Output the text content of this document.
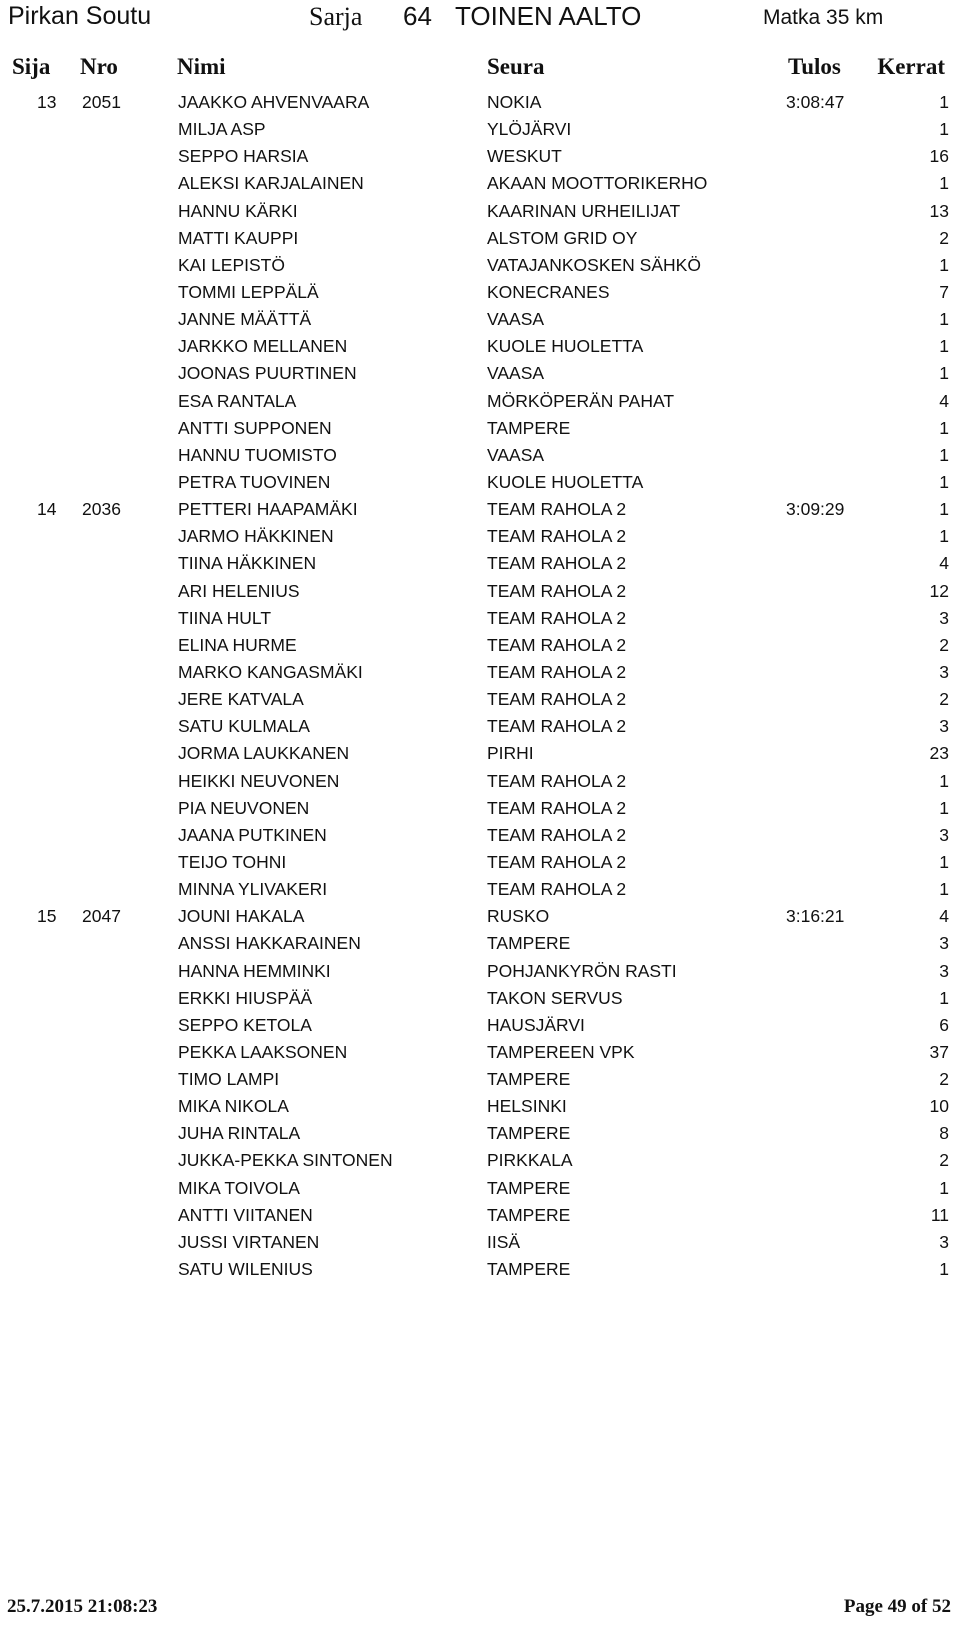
Pirkan Soutu	Sarja 64 TOINEN AALTO	Matka 35 km
Sija Nro	Nimi	Seura	Tulos Kerrat
13 2051	JAAKKO AHVENVAARA	NOKIA	3:08:47	1
MILJA ASP	YLÖJÄRVI	1
SEPPO HARSIA	WESKUT	16
ALEKSI KARJALAINEN	AKAAN MOOTTORIKERHO	1
HANNU KÄRKI	KAARINAN URHEILIJAT	13
MATTI KAUPPI	ALSTOM GRID OY	2
KAI LEPISTÖ	VATAJANKOSKEN SÄHKÖ	1
TOMMI LEPPÄLÄ	KONECRANES	7
JANNE MÄÄTTÄ	VAASA	1
JARKKO MELLANEN	KUOLE HUOLETTA	1
JOONAS PUURTINEN	VAASA	1
ESA RANTALA	MÖRKÖPERÄN PAHAT	4
ANTTI SUPPONEN	TAMPERE	1
HANNU TUOMISTO	VAASA	1
PETRA TUOVINEN	KUOLE HUOLETTA	1
14 2036	PETTERI HAAPAMÄKI	TEAM RAHOLA 2	3:09:29	1
JARMO HÄKKINEN	TEAM RAHOLA 2	1
TIINA HÄKKINEN	TEAM RAHOLA 2	4
ARI HELENIUS	TEAM RAHOLA 2	12
TIINA HULT	TEAM RAHOLA 2	3
ELINA HURME	TEAM RAHOLA 2	2
MARKO KANGASMÄKI	TEAM RAHOLA 2	3
JERE KATVALA	TEAM RAHOLA 2	2
SATU KULMALA	TEAM RAHOLA 2	3
JORMA LAUKKANEN	PIRHI	23
HEIKKI NEUVONEN	TEAM RAHOLA 2	1
PIA NEUVONEN	TEAM RAHOLA 2	1
JAANA PUTKINEN	TEAM RAHOLA 2	3
TEIJO TOHNI	TEAM RAHOLA 2	1
MINNA YLIVAKERI	TEAM RAHOLA 2	1
15 2047	JOUNI HAKALA	RUSKO	3:16:21	4
ANSSI HAKKARAINEN	TAMPERE	3
HANNA HEMMINKI	POHJANKYRÖN RASTI	3
ERKKI HIUSPÄÄ	TAKON SERVUS	1
SEPPO KETOLA	HAUSJÄRVI	6
PEKKA LAAKSONEN	TAMPEREEN VPK	37
TIMO LAMPI	TAMPERE	2
MIKA NIKOLA	HELSINKI	10
JUHA RINTALA	TAMPERE	8
JUKKA-PEKKA SINTONEN	PIRKKALA	2
MIKA TOIVOLA	TAMPERE	1
ANTTI VIITANEN	TAMPERE	11
JUSSI VIRTANEN	IISÄ	3
SATU WILENIUS	TAMPERE	1
25.7.2015 21:08:23	Page 49 of 52
